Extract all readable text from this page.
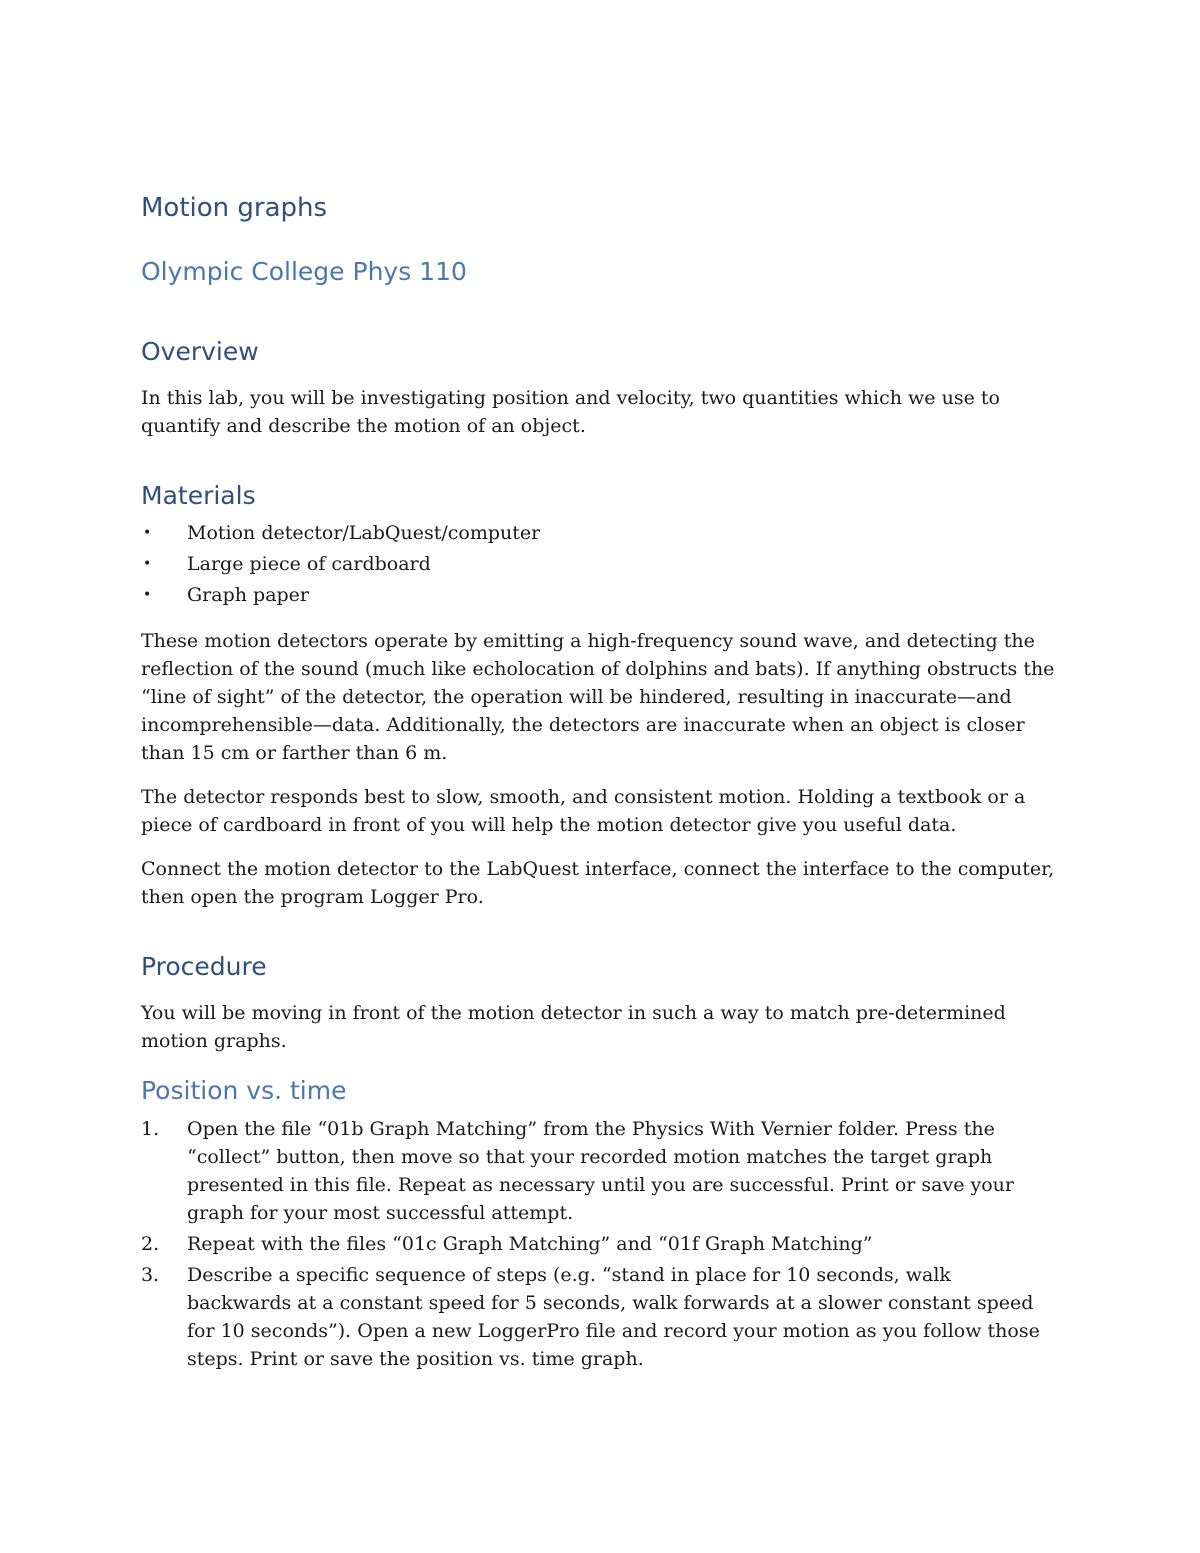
Motion graphs
Olympic College Phys 110
Overview

In this lab, you will be investigating position and velocity, two quantities which we use to quantify and describe the motion of an object.

Materials
• Motion detector/LabQuest/computer
• Large piece of cardboard
• Graph paper

These motion detectors operate by emitting a high-frequency sound wave, and detecting the reflection of the sound (much like echolocation of dolphins and bats). If anything obstructs the “line of sight” of the detector, the operation will be hindered, resulting in inaccurate—and incomprehensible—data. Additionally, the detectors are inaccurate when an object is closer than 15 cm or farther than 6 m.

The detector responds best to slow, smooth, and consistent motion. Holding a textbook or a piece of cardboard in front of you will help the motion detector give you useful data.

Connect the motion detector to the LabQuest interface, connect the interface to the computer, then open the program Logger Pro.

Procedure

You will be moving in front of the motion detector in such a way to match pre-determined motion graphs.

Position vs. time
1. Open the file “01b Graph Matching” from the Physics With Vernier folder. Press the “collect” button, then move so that your recorded motion matches the target graph presented in this file. Repeat as necessary until you are successful. Print or save your graph for your most successful attempt.
2. Repeat with the files “01c Graph Matching” and “01f Graph Matching”
3. Describe a specific sequence of steps (e.g. “stand in place for 10 seconds, walk backwards at a constant speed for 5 seconds, walk forwards at a slower constant speed for 10 seconds”). Open a new LoggerPro file and record your motion as you follow those steps. Print or save the position vs. time graph.
